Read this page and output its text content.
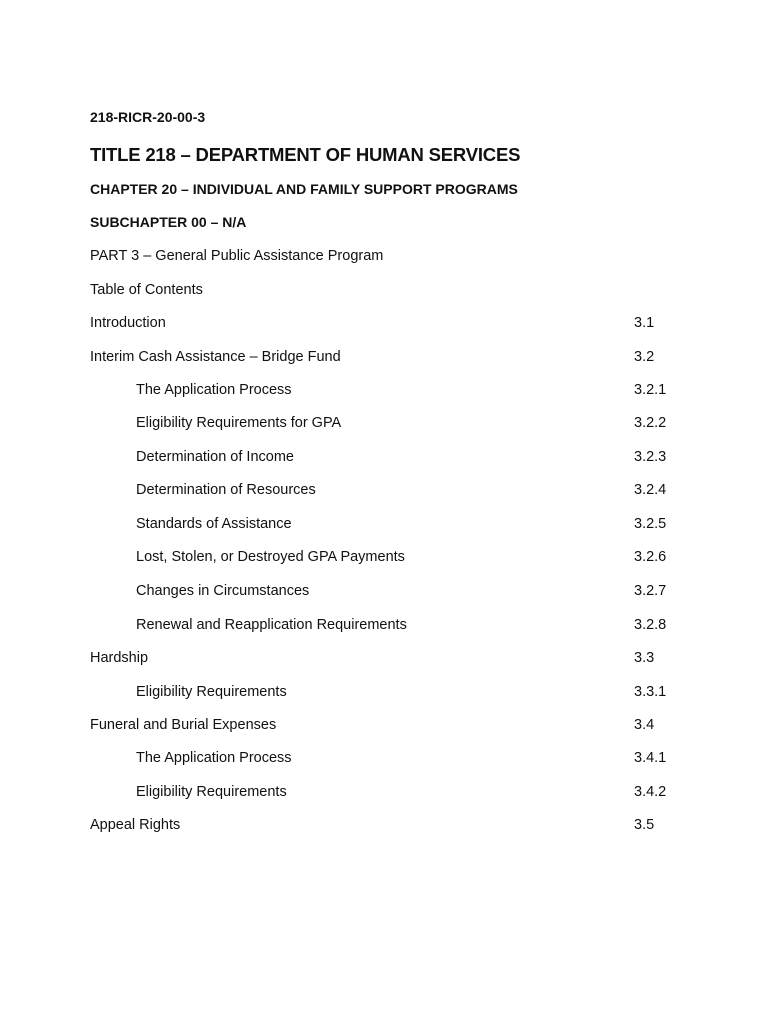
218-RICR-20-00-3
TITLE 218 – DEPARTMENT OF HUMAN SERVICES
CHAPTER 20 – INDIVIDUAL AND FAMILY SUPPORT PROGRAMS
SUBCHAPTER 00 – N/A
PART 3 – General Public Assistance Program
Table of Contents
Introduction	3.1
Interim Cash Assistance – Bridge Fund	3.2
The Application Process	3.2.1
Eligibility Requirements for GPA	3.2.2
Determination of Income	3.2.3
Determination of Resources	3.2.4
Standards of Assistance	3.2.5
Lost, Stolen, or Destroyed GPA Payments	3.2.6
Changes in Circumstances	3.2.7
Renewal and Reapplication Requirements	3.2.8
Hardship	3.3
Eligibility Requirements	3.3.1
Funeral and Burial Expenses	3.4
The Application Process	3.4.1
Eligibility Requirements	3.4.2
Appeal Rights	3.5
